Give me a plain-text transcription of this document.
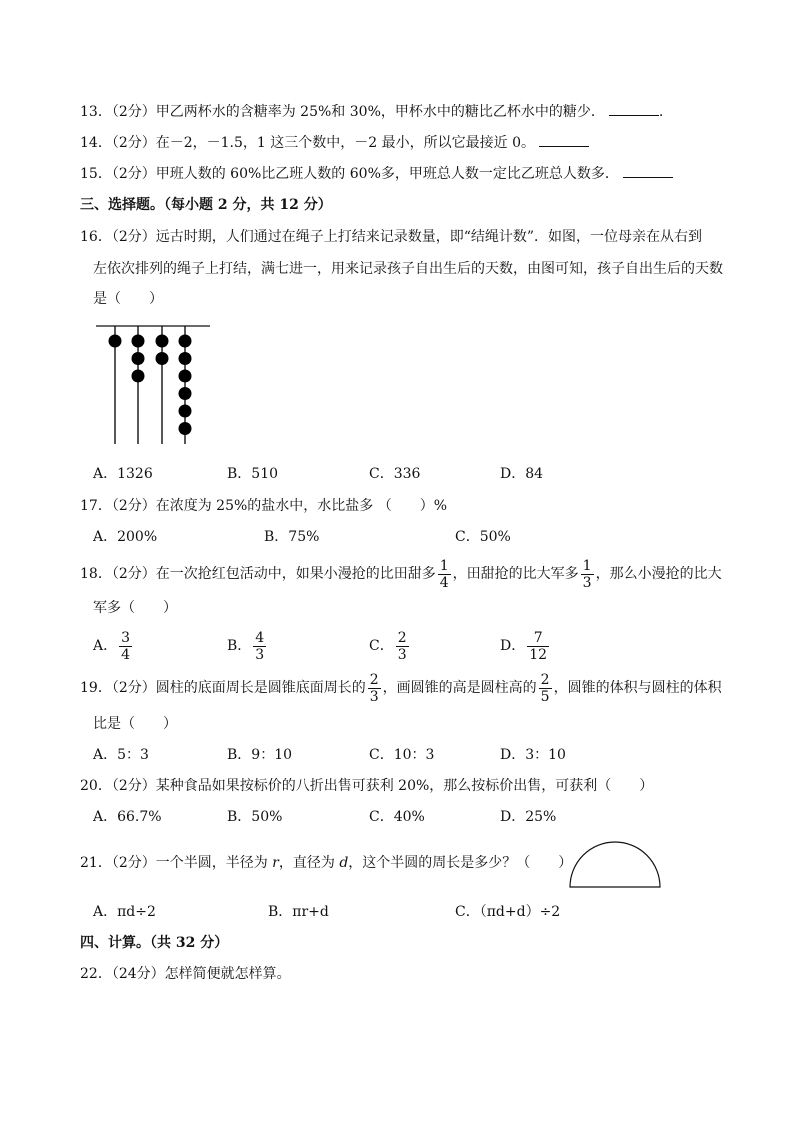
13．（2分）甲乙两杯水的含糖率为 25%和 30%，甲杯水中的糖比乙杯水中的糖少．	.
14．（2分）在－2，－1.5，1 这三个数中，－2 最小，所以它最接近 0。
15．（2分）甲班人数的 60%比乙班人数的 60%多，甲班总人数一定比乙班总人数多．
三、选择题。（每小题 2 分，共 12 分）
16．（2分）远古时期，人们通过在绳子上打结来记录数量，即“结绳计数”．如图，一位母亲在从右到
左依次排列的绳子上打结，满七进一，用来记录孩子自出生后的天数，由图可知，孩子自出生后的天数
是（　　）
A．1326	B．510	C．336	D．84
17．（2分）在浓度为 25%的盐水中，水比盐多 （　　）%
A．200%	B．75%	C．50%
18．（2分）在一次抢红包活动中，如果小漫抢的比田甜多 $\frac{1}{4}$ ，田甜抢的比大军多 $\frac{1}{3}$ ，那么小漫抢的比大
军多（　　）
A． $\frac{3}{4}$	B． $\frac{4}{3}$	C． $\frac{2}{3}$	D． $\frac{7}{12}$
19．（2分）圆柱的底面周长是圆锥底面周长的 $\frac{2}{3}$ ，画圆锥的高是圆柱高的 $\frac{2}{5}$ ，圆锥的体积与圆柱的体积
比是（　　）
A．5：3	B．9：10	C．10：3	D．3：10
20．（2分）某种食品如果按标价的八折出售可获利 20%，那么按标价出售，可获利（　　）
A．66.7%	B．50%	C．40%	D．25%
21．（2分）一个半圆，半径为 r，直径为 d，这个半圆的周长是多少？（　　）
A．πd÷2	B．πr+d	C．（πd+d）÷2
四、计算。（共 32 分）
22．（24分）怎样简便就怎样算。
